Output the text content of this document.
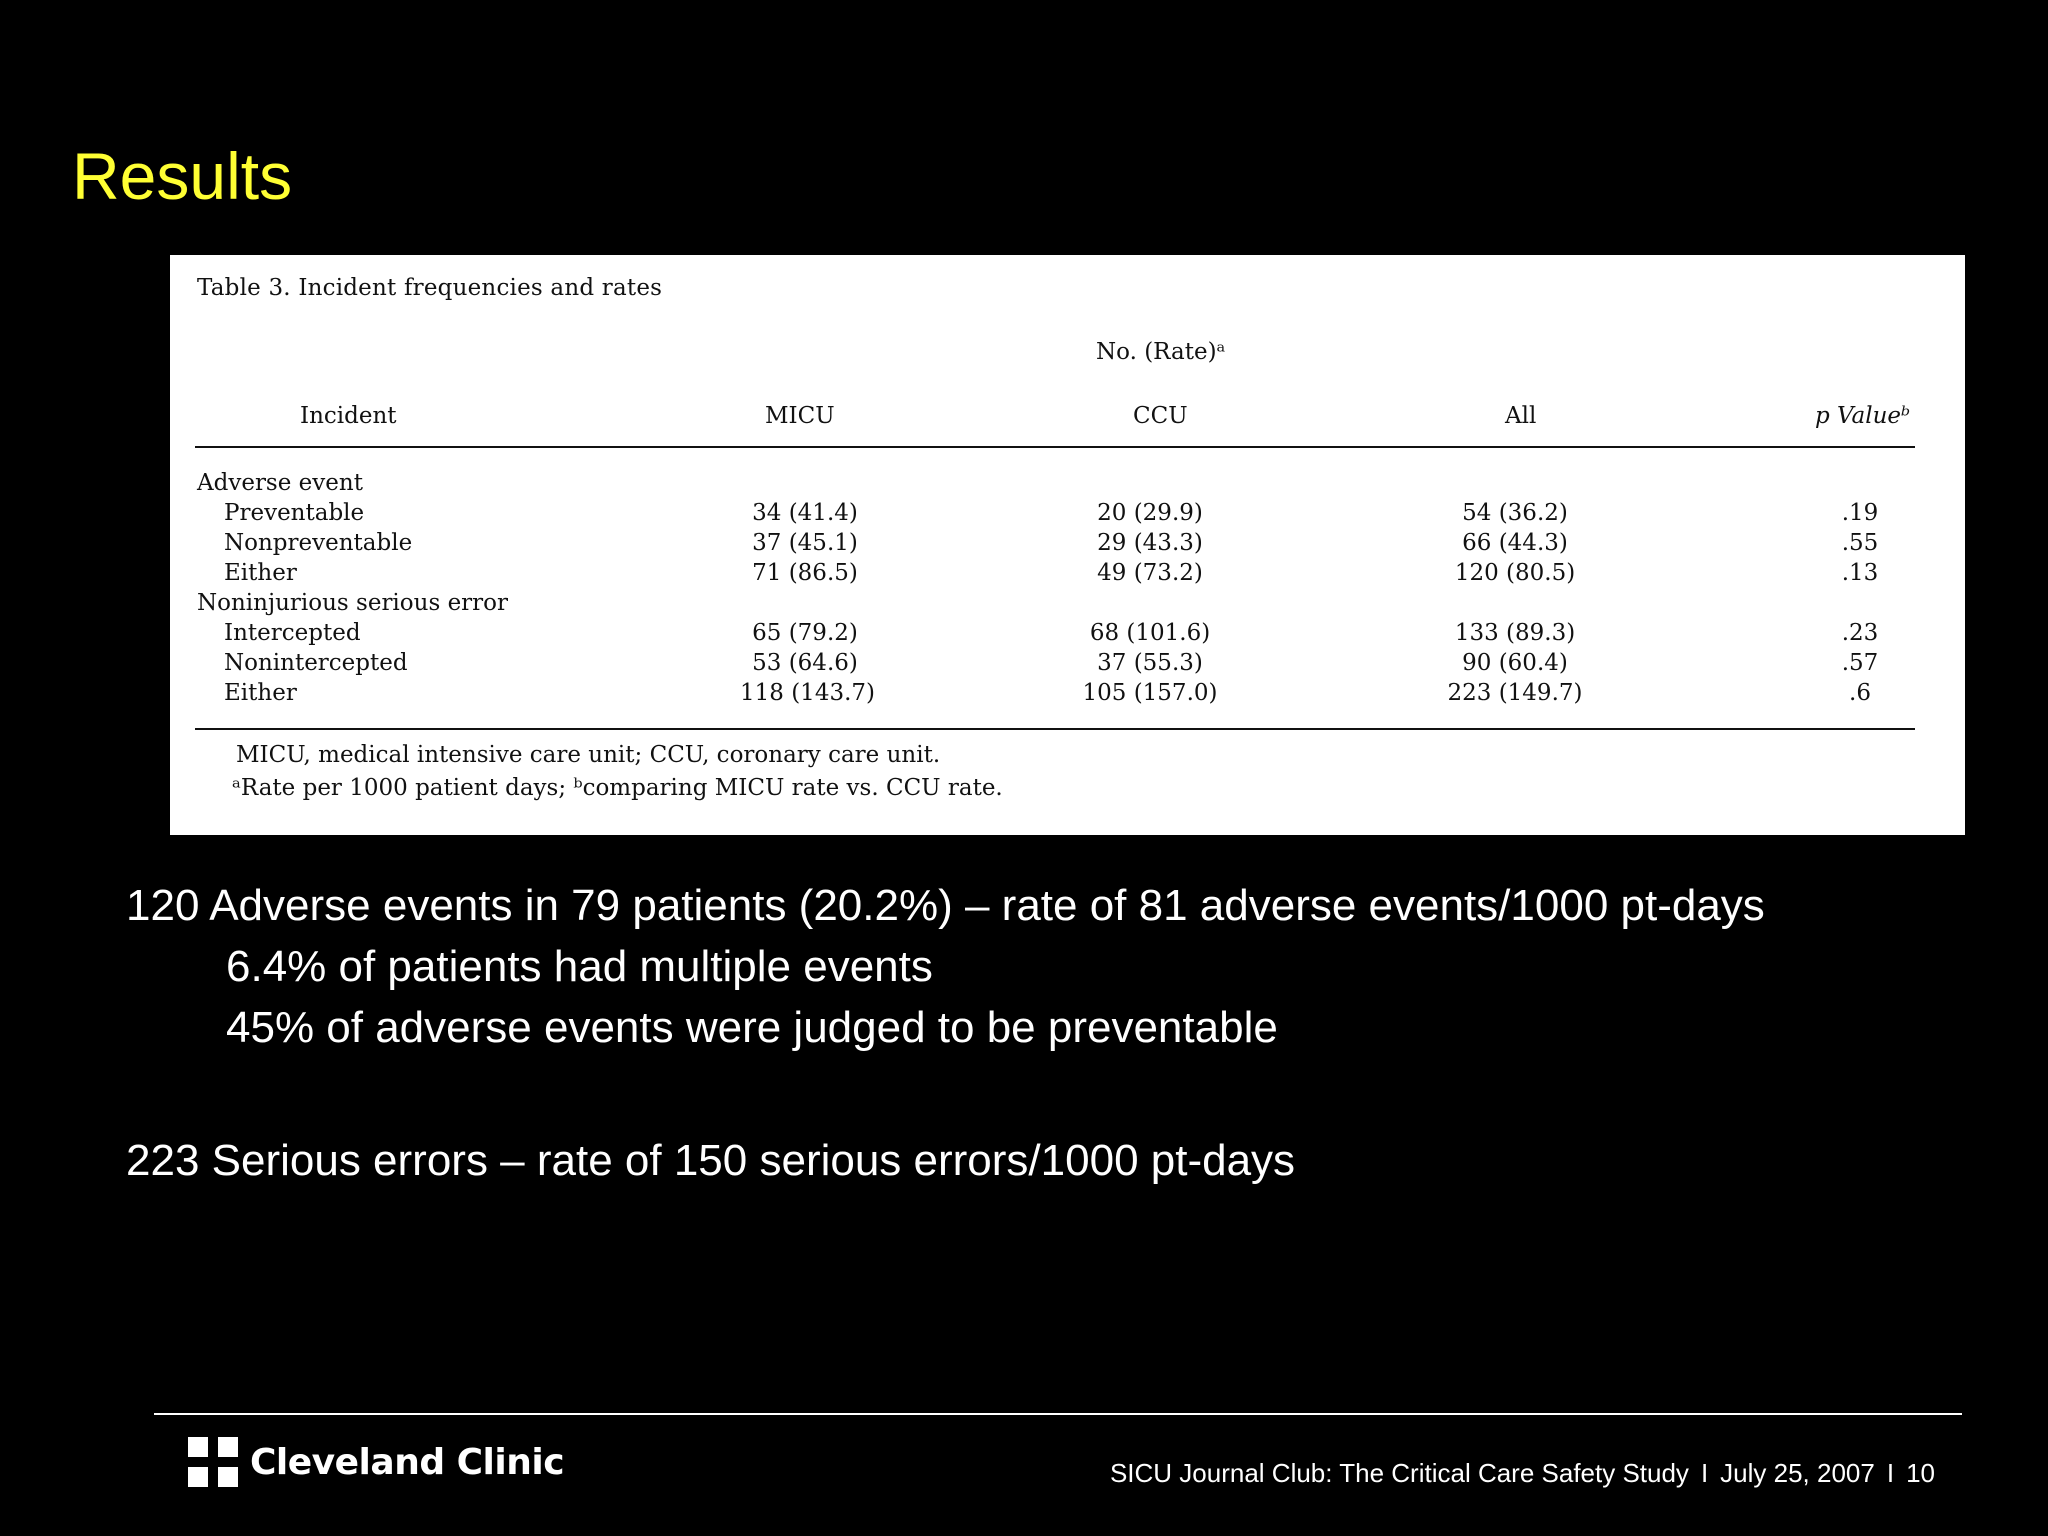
Results
Table 3. Incident frequencies and rates
No. (Rate)ᵃ
Incident	MICU	CCU	All	p Valueᵇ
Adverse event
Preventable	34 (41.4)	20 (29.9)	54 (36.2)	.19
Nonpreventable	37 (45.1)	29 (43.3)	66 (44.3)	.55
Either	71 (86.5)	49 (73.2)	120 (80.5)	.13
Noninjurious serious error
Intercepted	65 (79.2)	68 (101.6)	133 (89.3)	.23
Nonintercepted	53 (64.6)	37 (55.3)	90 (60.4)	.57
Either	118 (143.7)	105 (157.0)	223 (149.7)	.6
MICU, medical intensive care unit; CCU, coronary care unit.
ᵃRate per 1000 patient days; ᵇcomparing MICU rate vs. CCU rate.
120 Adverse events in 79 patients (20.2%) – rate of 81 adverse events/1000 pt-days
6.4% of patients had multiple events
45% of adverse events were judged to be preventable
223 Serious errors – rate of 150 serious errors/1000 pt-days
Cleveland Clinic	SICU Journal Club: The Critical Care Safety Study I July 25, 2007 I 10
